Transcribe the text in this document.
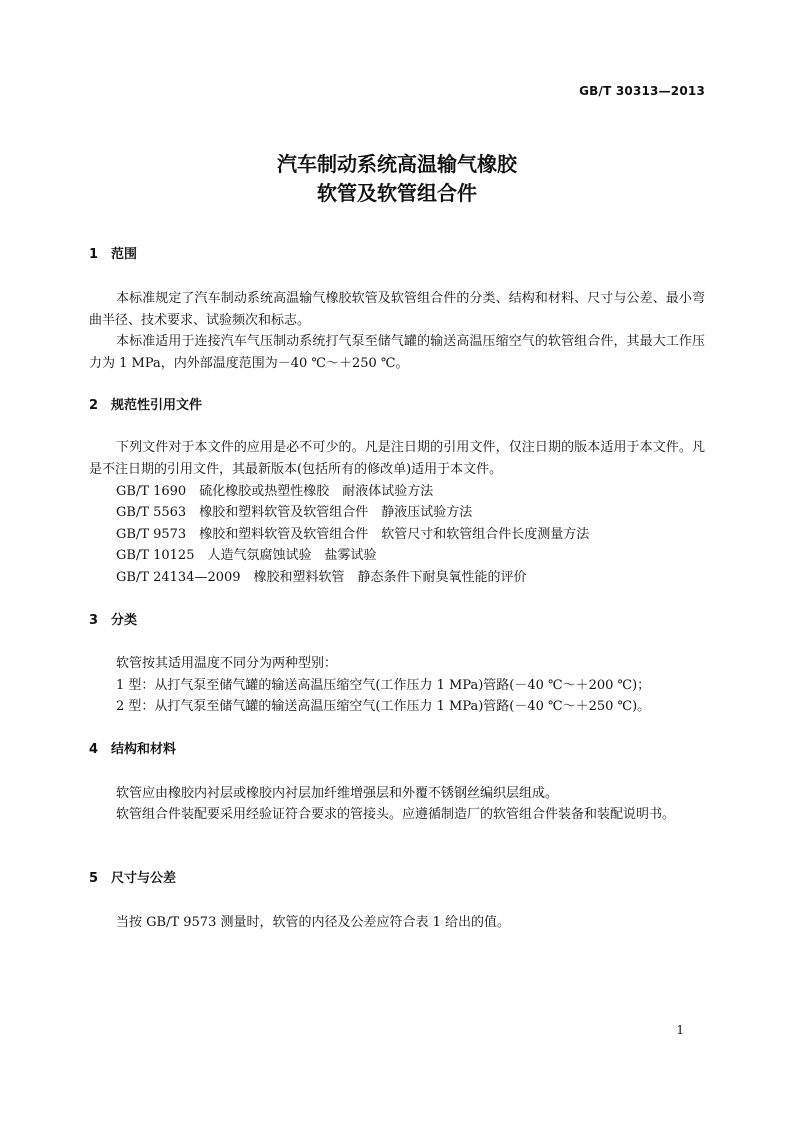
GB/T 30313—2013
汽车制动系统高温输气橡胶
软管及软管组合件
1 范围
本标准规定了汽车制动系统高温输气橡胶软管及软管组合件的分类、结构和材料、尺寸与公差、最小弯曲半径、技术要求、试验频次和标志。
本标准适用于连接汽车气压制动系统打气泵至储气罐的输送高温压缩空气的软管组合件，其最大工作压力为 1 MPa，内外部温度范围为－40 ℃～＋250 ℃。
2 规范性引用文件
下列文件对于本文件的应用是必不可少的。凡是注日期的引用文件，仅注日期的版本适用于本文件。凡是不注日期的引用文件，其最新版本(包括所有的修改单)适用于本文件。
GB/T 1690　硫化橡胶或热塑性橡胶　耐液体试验方法
GB/T 5563　橡胶和塑料软管及软管组合件　静液压试验方法
GB/T 9573　橡胶和塑料软管及软管组合件　软管尺寸和软管组合件长度测量方法
GB/T 10125　人造气氛腐蚀试验　盐雾试验
GB/T 24134—2009　橡胶和塑料软管　静态条件下耐臭氧性能的评价
3 分类
软管按其适用温度不同分为两种型别：
1 型：从打气泵至储气罐的输送高温压缩空气(工作压力 1 MPa)管路(－40 ℃～＋200 ℃)；
2 型：从打气泵至储气罐的输送高温压缩空气(工作压力 1 MPa)管路(－40 ℃～＋250 ℃)。
4 结构和材料
软管应由橡胶内衬层或橡胶内衬层加纤维增强层和外覆不锈钢丝编织层组成。
软管组合件装配要采用经验证符合要求的管接头。应遵循制造厂的软管组合件装备和装配说明书。
5 尺寸与公差
当按 GB/T 9573 测量时，软管的内径及公差应符合表 1 给出的值。
1
